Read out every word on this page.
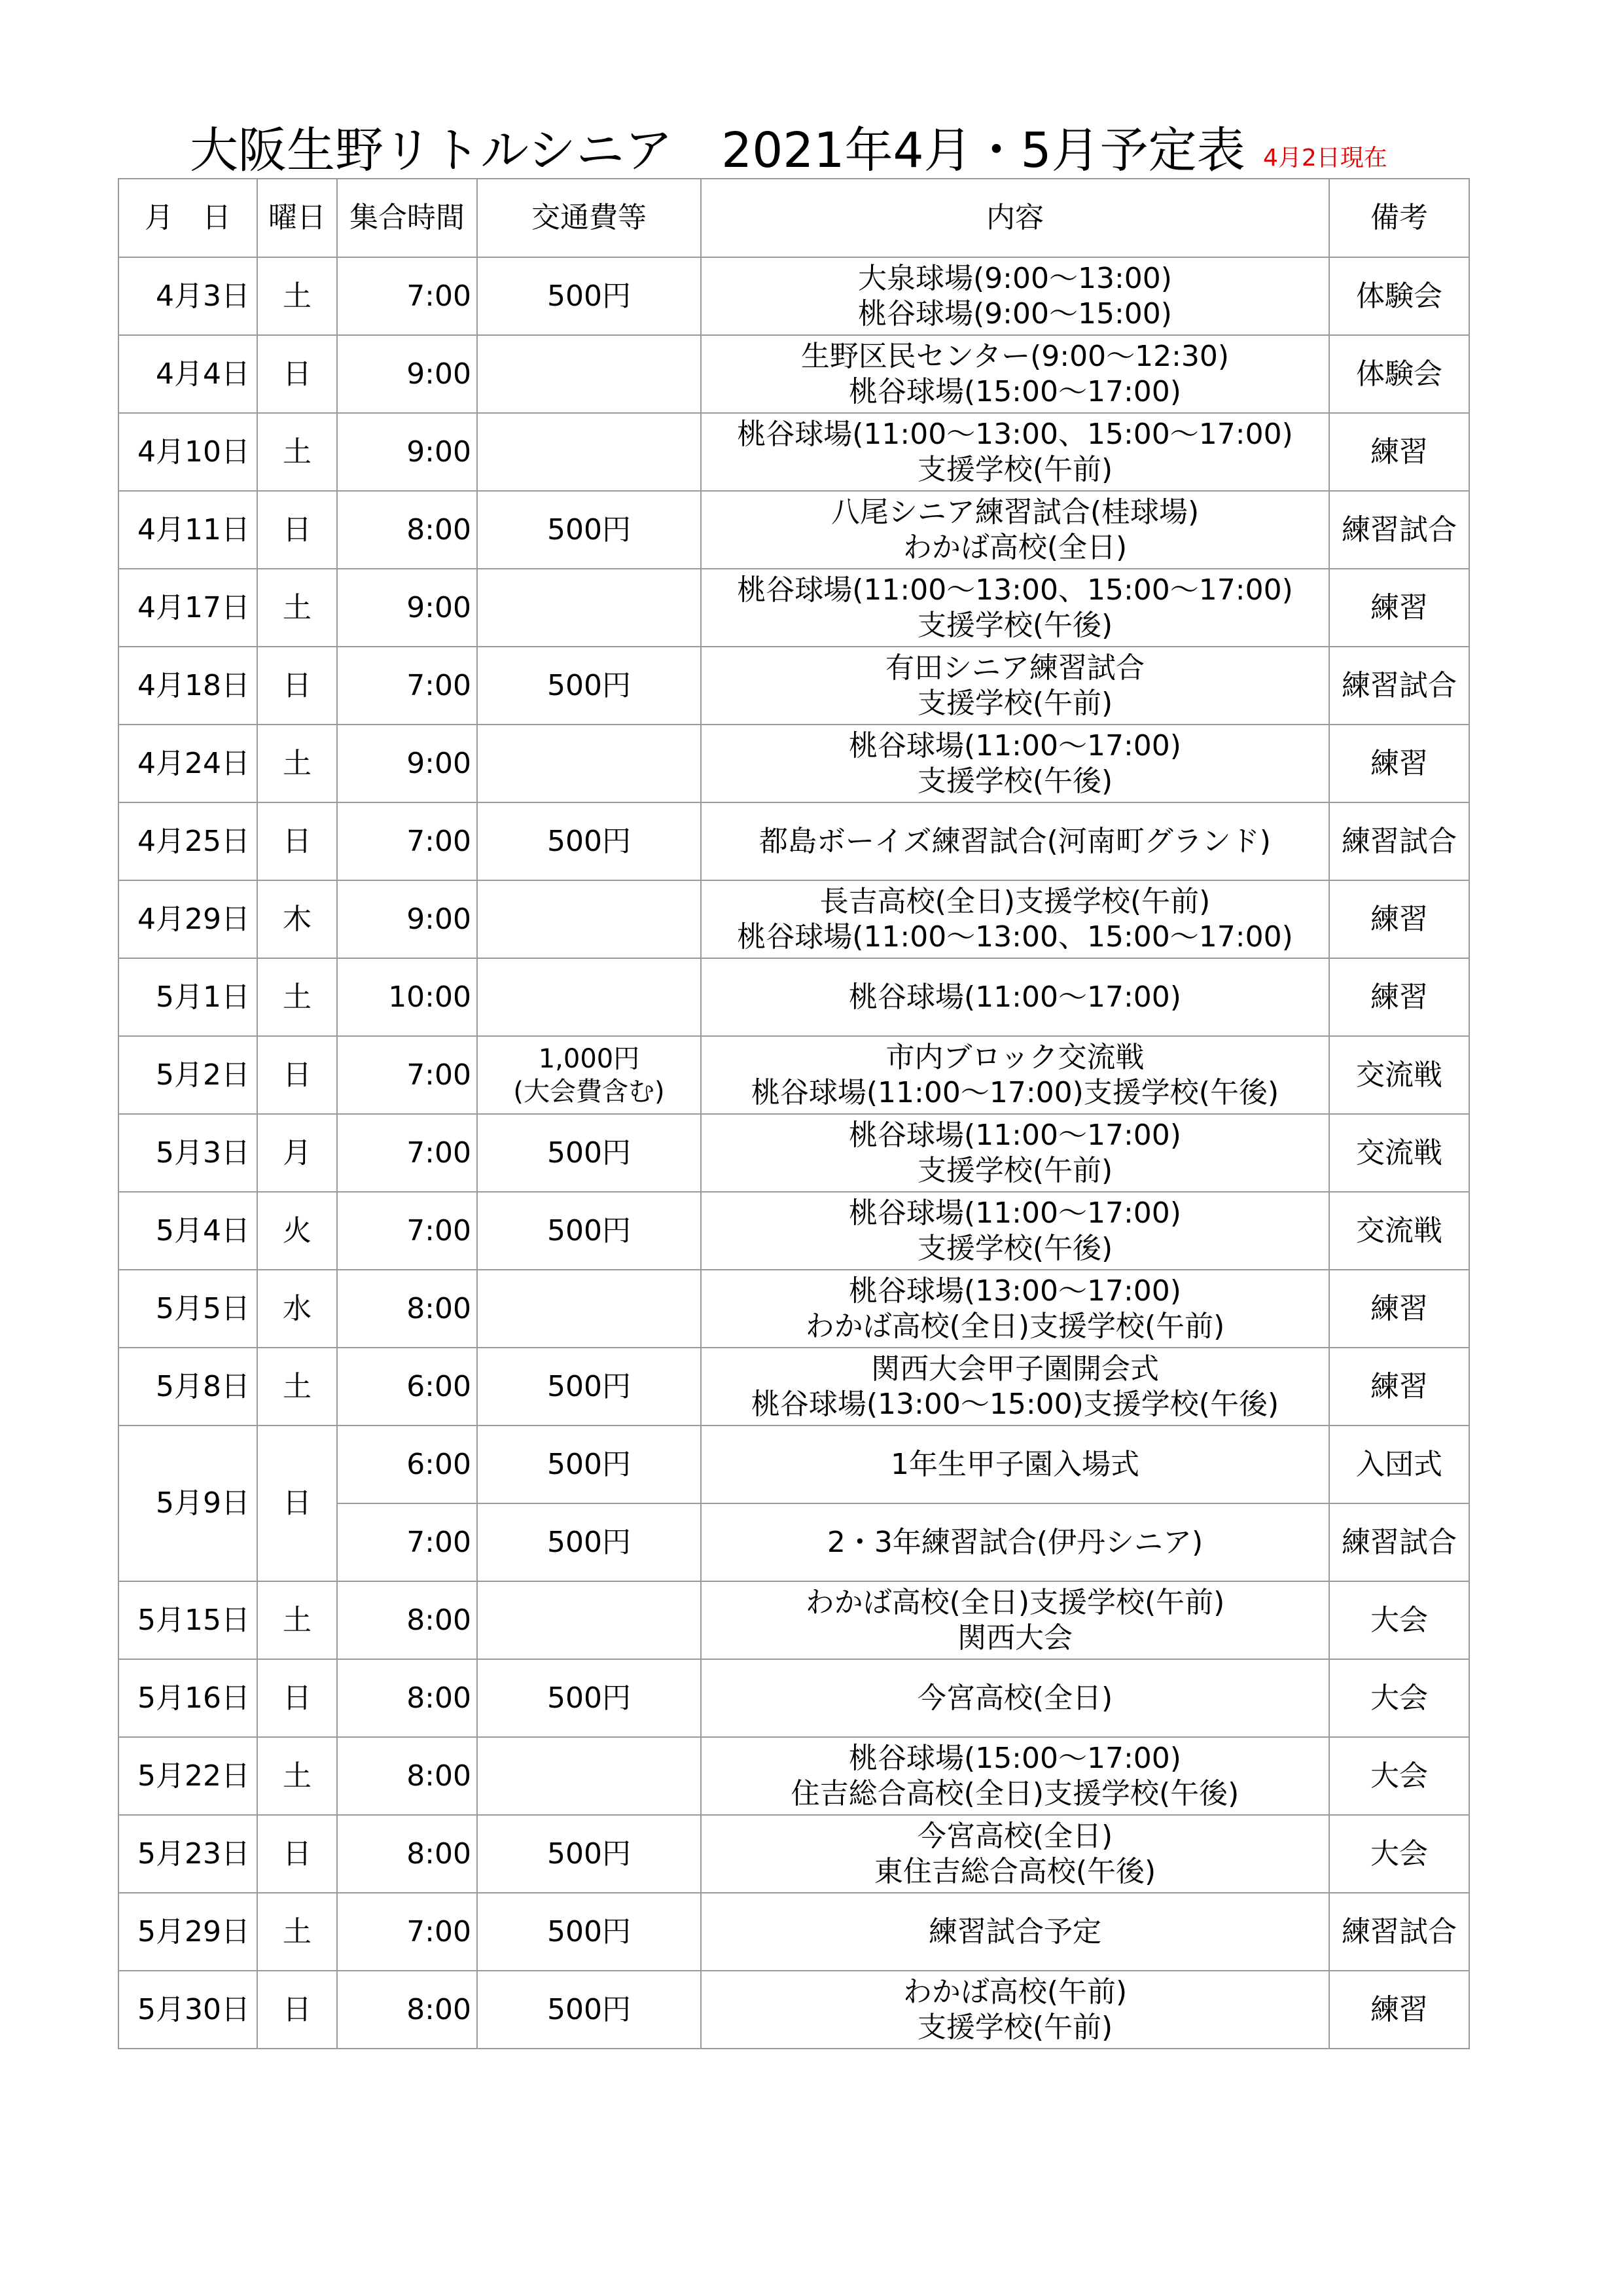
大阪生野リトルシニア　2021年4月・5月予定表 4月2日現在
月　日	曜日	集合時間	交通費等	内容	備考
4月3日	土	7:00	500円	大泉球場(9:00～13:00)
桃谷球場(9:00～15:00)	体験会
4月4日	日	9:00		生野区民センター(9:00～12:30)
桃谷球場(15:00～17:00)	体験会
4月10日	土	9:00		桃谷球場(11:00～13:00、15:00～17:00)
支援学校(午前)	練習
4月11日	日	8:00	500円	八尾シニア練習試合(桂球場)
わかば高校(全日)	練習試合
4月17日	土	9:00		桃谷球場(11:00～13:00、15:00～17:00)
支援学校(午後)	練習
4月18日	日	7:00	500円	有田シニア練習試合
支援学校(午前)	練習試合
4月24日	土	9:00		桃谷球場(11:00～17:00)
支援学校(午後)	練習
4月25日	日	7:00	500円	都島ボーイズ練習試合(河南町グランド)	練習試合
4月29日	木	9:00		長吉高校(全日)支援学校(午前)
桃谷球場(11:00～13:00、15:00～17:00)	練習
5月1日	土	10:00		桃谷球場(11:00～17:00)	練習
5月2日	日	7:00	1,000円
(大会費含む)	市内ブロック交流戦
桃谷球場(11:00～17:00)支援学校(午後)	交流戦
5月3日	月	7:00	500円	桃谷球場(11:00～17:00)
支援学校(午前)	交流戦
5月4日	火	7:00	500円	桃谷球場(11:00～17:00)
支援学校(午後)	交流戦
5月5日	水	8:00		桃谷球場(13:00～17:00)
わかば高校(全日)支援学校(午前)	練習
5月8日	土	6:00	500円	関西大会甲子園開会式
桃谷球場(13:00～15:00)支援学校(午後)	練習
5月9日	日	6:00	500円	1年生甲子園入場式	入団式
		7:00	500円	2・3年練習試合(伊丹シニア)	練習試合
5月15日	土	8:00		わかば高校(全日)支援学校(午前)
関西大会	大会
5月16日	日	8:00	500円	今宮高校(全日)	大会
5月22日	土	8:00		桃谷球場(15:00～17:00)
住吉総合高校(全日)支援学校(午後)	大会
5月23日	日	8:00	500円	今宮高校(全日)
東住吉総合高校(午後)	大会
5月29日	土	7:00	500円	練習試合予定	練習試合
5月30日	日	8:00	500円	わかば高校(午前)
支援学校(午前)	練習
